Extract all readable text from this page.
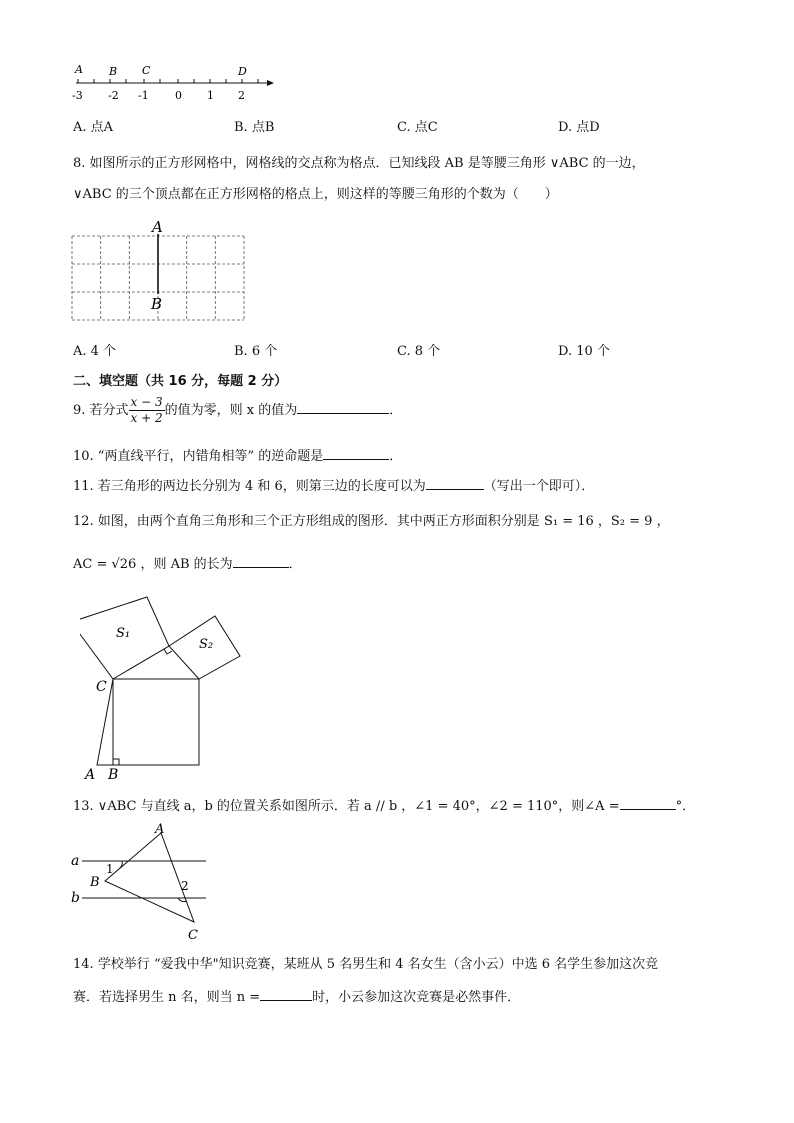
A B C	D
-3 -2 -1 0 1 2
A. 点A	B. 点B	C. 点C	D. 点D
8. 如图所示的正方形网格中，网格线的交点称为格点．已知线段 AB 是等腰三角形 ∨ABC 的一边，
∨ABC 的三个顶点都在正方形网格的格点上，则这样的等腰三角形的个数为（　　）
A
B
A. 4 个	B. 6 个	C. 8 个	D. 10 个
二、填空题（共 16 分，每题 2 分）
9. 若分式 $\frac{x - 3}{x + 2}$ 的值为零，则 x 的值为	．
10. “两直线平行，内错角相等” 的逆命题是	．
11. 若三角形的两边长分别为 4 和 6，则第三边的长度可以为	（写出一个即可）．
12. 如图，由两个直角三角形和三个正方形组成的图形．其中两正方形面积分别是 S₁ = 16 ，S₂ = 9 ，
AC = √26 ，则 AB 的长为	．
S₁
S₂
C
A B
13. ∨ABC 与直线 a，b 的位置关系如图所示．若 a // b ，∠1 = 40°，∠2 = 110°，则∠A =	°．
a
b
A
B
C
1
2
14. 学校举行 “爱我中华"知识竞赛，某班从 5 名男生和 4 名女生（含小云）中选 6 名学生参加这次竞
赛．若选择男生 n 名，则当 n =	时，小云参加这次竞赛是必然事件．
